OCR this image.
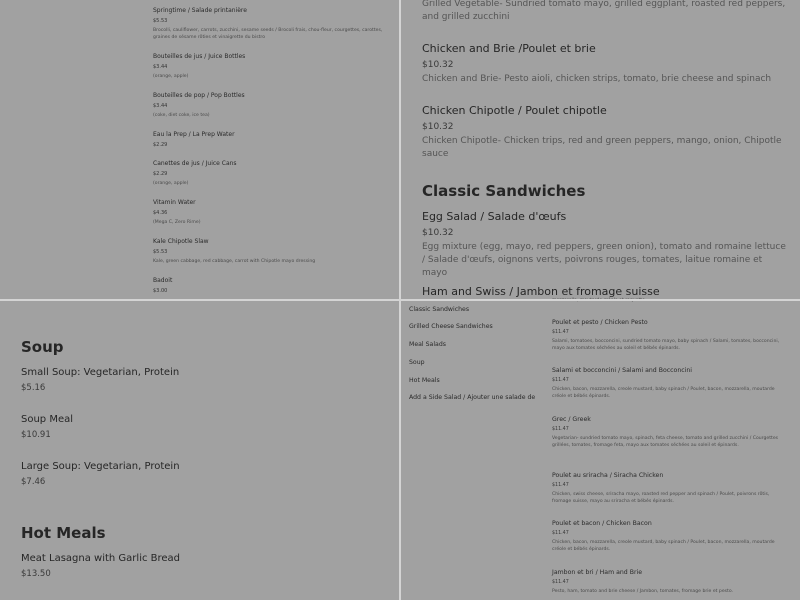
Springtime / Salade printanière
$5.53
Brocolli, cauliflower, carrots, zucchini, sesame seeds / Brocoli frais, chou-fleur, courgettes, carottes, graines de sésame rôties et vinaigrette du bistro
Bouteilles de jus / Juice Bottles
$3.44
(orange, apple)
Bouteilles de pop / Pop Bottles
$3.44
(coke, diet coke, ice tea)
Eau la Prep / La Prep Water
$2.29
Canettes de jus / Juice Cans
$2.29
(orange, apple)
Vitamin Water
$4.36
(Mega C, Zero Rime)
Kale Chipotle Slaw
$5.53
Kale, green cabbage, red cabbage, carrot with Chipotle mayo dressing
Badoit
$3.00
Grilled Vegetable- Sundried tomato mayo, grilled eggplant, roasted red peppers, and grilled zucchini
Chicken and Brie /Poulet et brie
$10.32
Chicken and Brie- Pesto aioli, chicken strips, tomato, brie cheese and spinach
Chicken Chipotle / Poulet chipotle
$10.32
Chicken Chipotle- Chicken trips, red and green peppers, mango, onion, Chipotle sauce
Classic Sandwiches
Egg Salad / Salade d'œufs
$10.32
Egg mixture (egg, mayo, red peppers, green onion), tomato and romaine lettuce / Salade d'œufs, oignons verts, poivrons rouges, tomates, laitue romaine et mayo
Ham and Swiss / Jambon et fromage suisse
Soup
Small Soup: Vegetarian, Protein
$5.16
Soup Meal
$10.91
Large Soup: Vegetarian, Protein
$7.46
Hot Meals
Meat Lasagna with Garlic Bread
$13.50
Classic Sandwiches
Grilled Cheese Sandwiches
Meal Salads
Soup
Hot Meals
Add a Side Salad / Ajouter une salade de
Poulet et pesto / Chicken Pesto
$11.47
Salami, tomatoes, bocconcini, sundried tomato mayo, baby spinach / Salami, tomates, bocconcini, mayo aux tomates séchées au soleil et bébés épinards.
Salami et bocconcini / Salami and Bocconcini
$11.47
Chicken, bacon, mozzarella, creole mustard, baby spinach / Poulet, bacon, mozzarella, moutarde créole et bébés épinards.
Grec / Greek
$11.47
Vegetarian- sundried tomato mayo, spinach, feta cheese, tomato and grilled zucchini / Courgettes grillées, tomates, fromage feta, mayo aux tomates séchées au soleil et épinards.
Poulet au sriracha / Siracha Chicken
$11.47
Chicken, swiss cheese, sriracha mayo, roasted red pepper and spinach / Poulet, poivrons rôtis, fromage suisse, mayo au sriracha et bébés épinards.
Poulet et bacon / Chicken Bacon
$11.47
Chicken, bacon, mozzarella, creole mustard, baby spinach / Poulet, bacon, mozzarella, moutarde créole et bébés épinards.
Jambon et bri / Ham and Brie
$11.47
Pesto, ham, tomato and brie cheese / Jambon, tomates, fromage brie et pesto.
